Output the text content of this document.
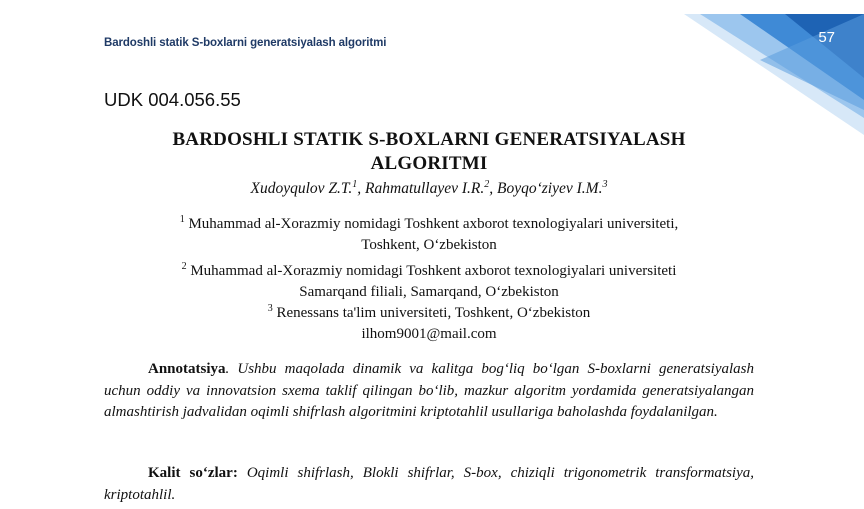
57
Bardoshli statik S-boxlarni generatsiyalash algoritmi
UDK 004.056.55
BARDOSHLI STATIK S-BOXLARNI GENERATSIYALASH
ALGORITMI
Xudoyqulov Z.T.$^1$, Rahmatullayev I.R.$^2$, Boyqo‘ziyev I.M.$^3$
$^1$ Muhammad al-Xorazmiy nomidagi Toshkent axborot texnologiyalari universiteti,
Toshkent, O‘zbekiston
$^2$ Muhammad al-Xorazmiy nomidagi Toshkent axborot texnologiyalari universiteti
Samarqand filiali, Samarqand, O‘zbekiston
$^3$ Renessans ta'lim universiteti, Toshkent, O‘zbekiston
ilhom9001@mail.com
Annotatsiya. Ushbu maqolada dinamik va kalitga bog‘liq bo‘lgan S-boxlarni generatsiyalash uchun oddiy va innovatsion sxema taklif qilingan bo‘lib, mazkur algoritm yordamida generatsiyalangan almashtirish jadvalidan oqimli shifrlash algoritmini kriptotahlil usullariga baholashda foydalanilgan.
Kalit so‘zlar: Oqimli shifrlash, Blokli shifrlar, S-box, chiziqli trigonometrik transformatsiya, kriptotahlil.
